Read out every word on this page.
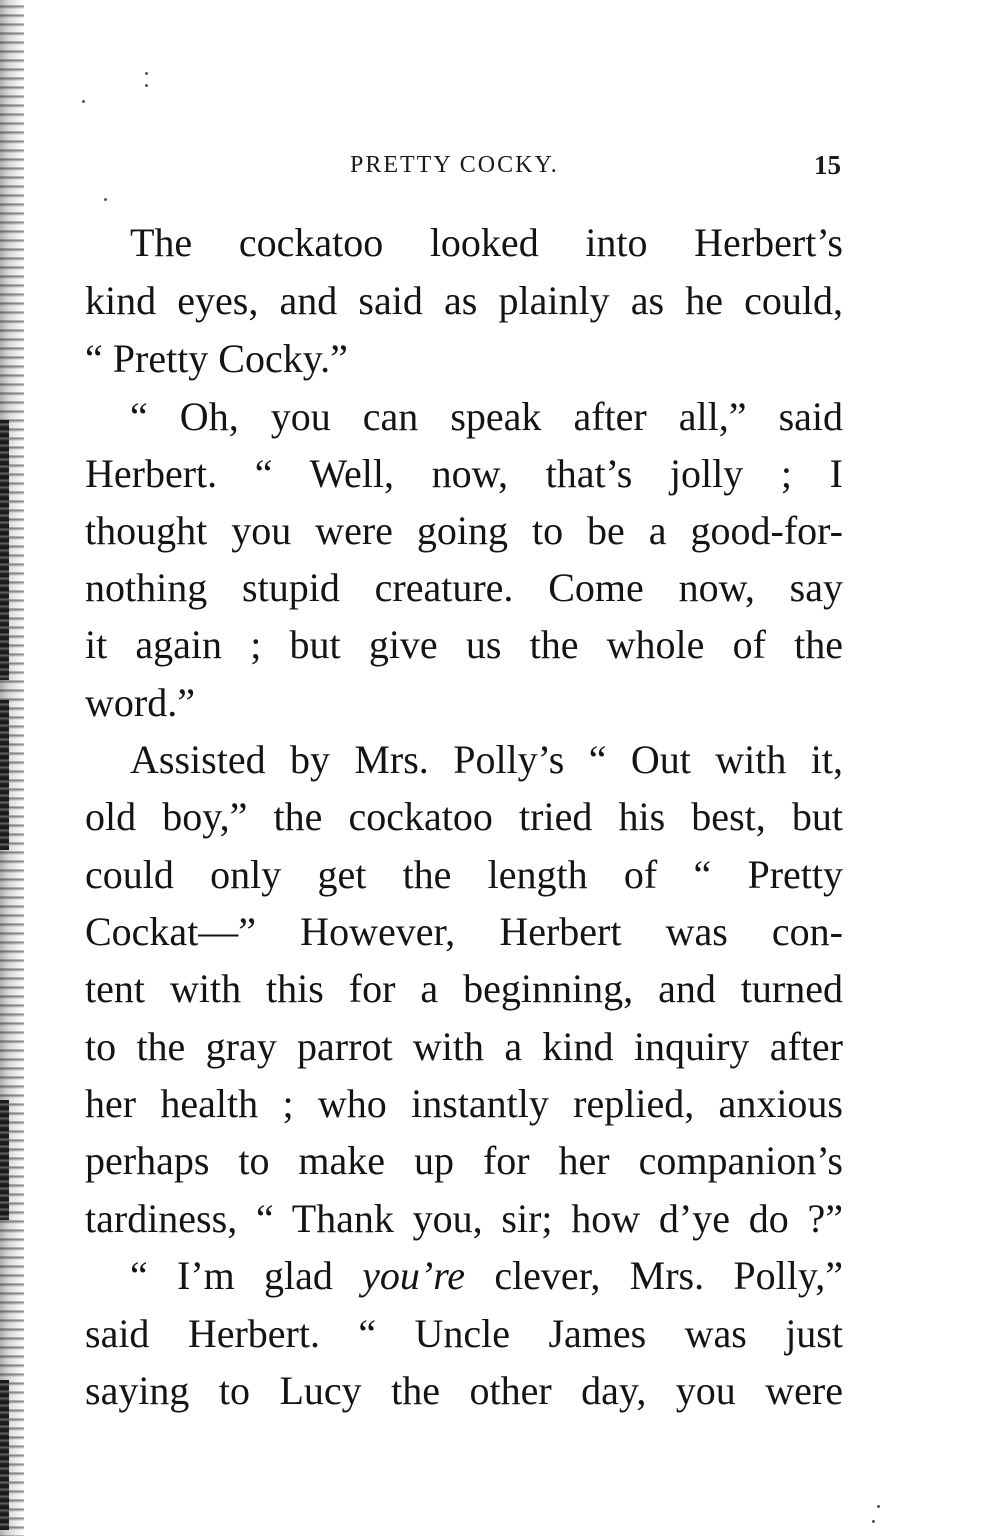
PRETTY COCKY.	15
The cockatoo looked into Herbert’s
kind eyes, and said as plainly as he could,
“ Pretty Cocky.”
“ Oh, you can speak after all,” said
Herbert. “ Well, now, that’s jolly ; I
thought you were going to be a good-for-
nothing stupid creature. Come now, say
it again ; but give us the whole of the
word.”
Assisted by Mrs. Polly’s “ Out with it,
old boy,” the cockatoo tried his best, but
could only get the length of “ Pretty
Cockat—” However, Herbert was con-
tent with this for a beginning, and turned
to the gray parrot with a kind inquiry after
her health ; who instantly replied, anxious
perhaps to make up for her companion’s
tardiness, “ Thank you, sir; how d’ye do ?”
“ I’m glad you’re clever, Mrs. Polly,”
said Herbert. “ Uncle James was just
saying to Lucy the other day, you were
